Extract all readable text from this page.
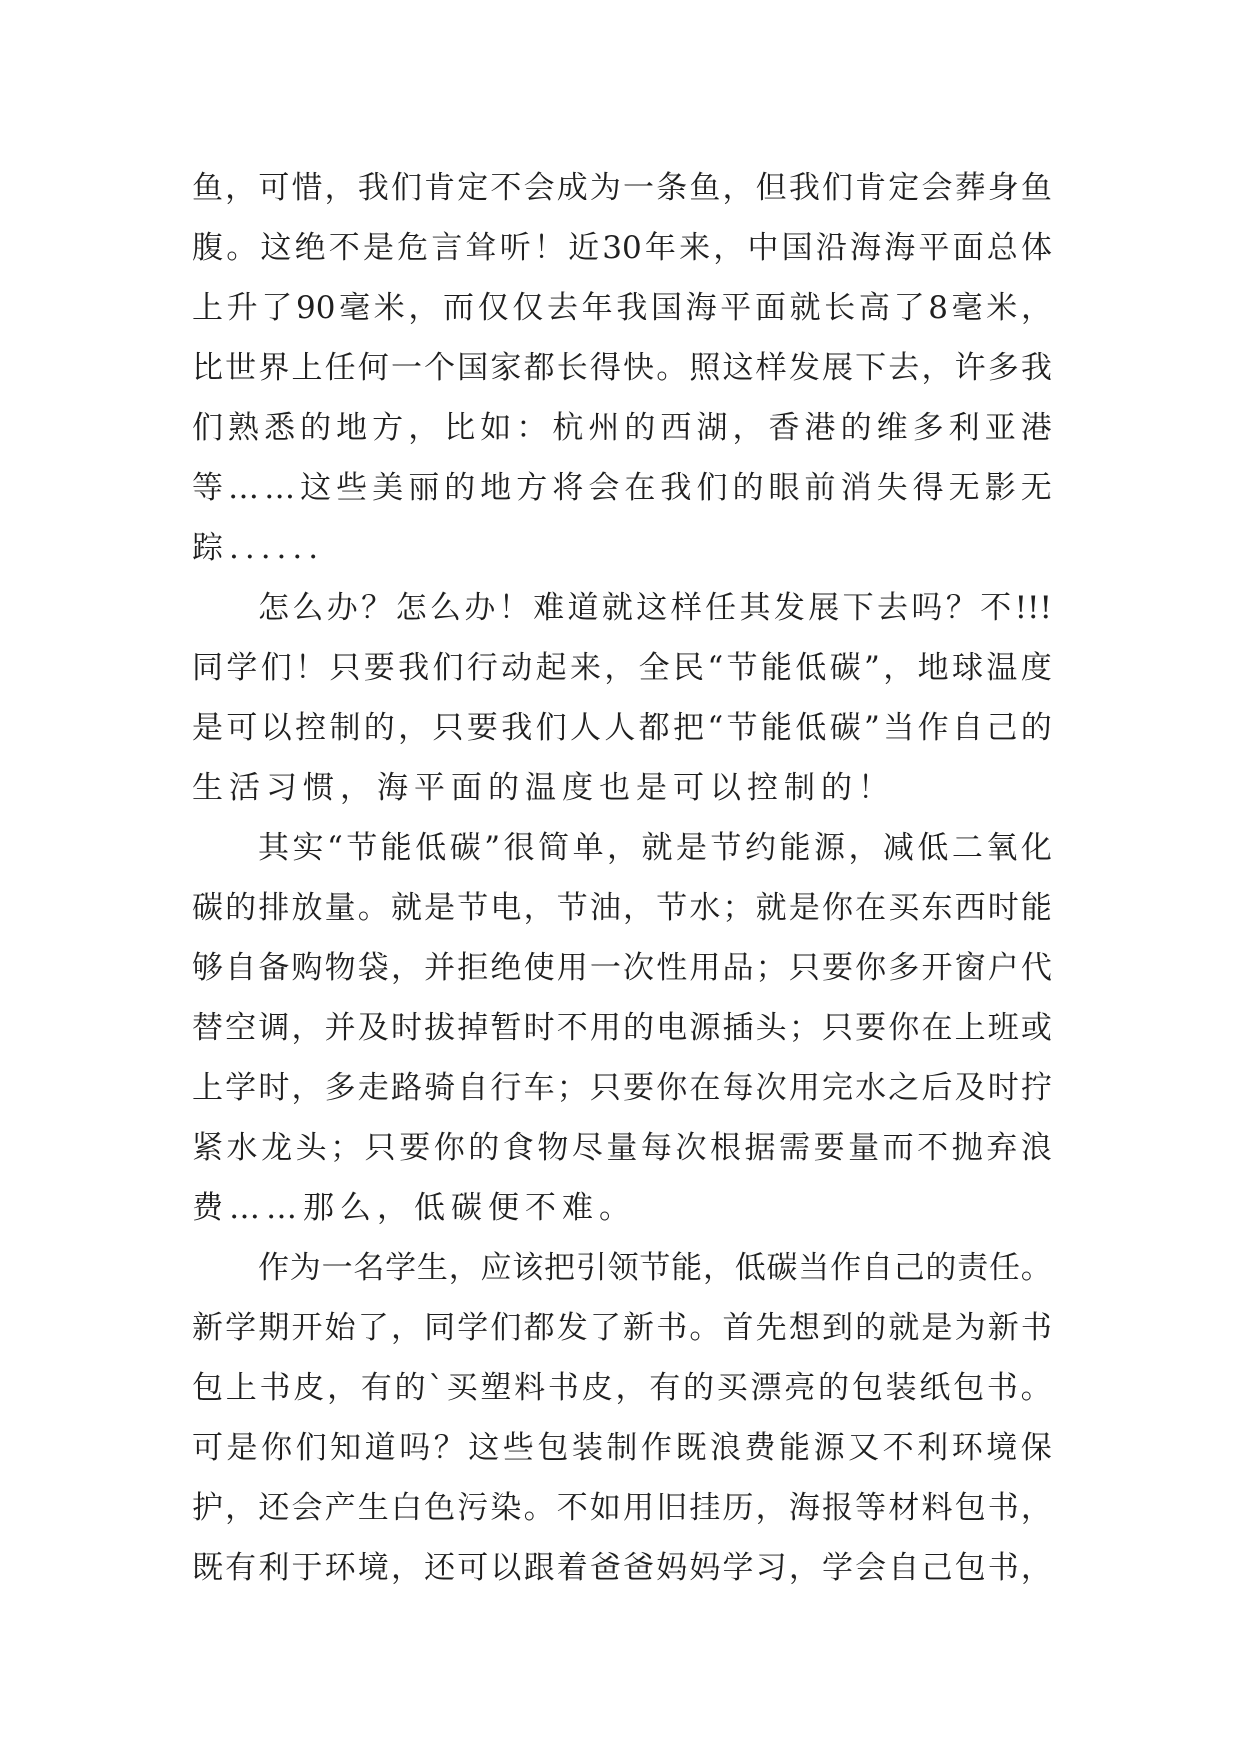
鱼 ， 可 惜 ， 我 们 肯 定 不 会 成 为 一 条 鱼 ， 但 我 们 肯 定 会 葬 身 鱼
腹 。 这 绝 不 是 危 言 耸 听 ！ 近 30 年 来 ， 中 国 沿 海 海 平 面 总 体
上 升 了 90 毫 米 ， 而 仅 仅 去 年 我 国 海 平 面 就 长 高 了 8 毫 米 ，
比 世 界 上 任 何 一 个 国 家 都 长 得 快 。 照 这 样 发 展 下 去 ， 许 多 我
们 熟 悉 的 地 方 ， 比 如 ： 杭 州 的 西 湖 ， 香 港 的 维 多 利 亚 港
等 … … 这 些 美 丽 的 地 方 将 会 在 我 们 的 眼 前 消 失 得 无 影 无
踪......
怎 么 办 ？ 怎 么 办 ！ 难 道 就 这 样 任 其 发 展 下 去 吗 ？ 不 !!!
同 学 们 ！ 只 要 我 们 行 动 起 来 ， 全 民 “ 节 能 低 碳 ” ， 地 球 温 度
是 可 以 控 制 的 ， 只 要 我 们 人 人 都 把 “ 节 能 低 碳 ” 当 作 自 己 的
生活习惯，海平面的温度也是可以控制的！
其 实 “ 节 能 低 碳 ” 很 简 单 ， 就 是 节 约 能 源 ， 减 低 二 氧 化
碳 的 排 放 量 。 就 是 节 电 ， 节 油 ， 节 水 ； 就 是 你 在 买 东 西 时 能
够 自 备 购 物 袋 ， 并 拒 绝 使 用 一 次 性 用 品 ； 只 要 你 多 开 窗 户 代
替 空 调 ， 并 及 时 拔 掉 暂 时 不 用 的 电 源 插 头 ； 只 要 你 在 上 班 或
上 学 时 ， 多 走 路 骑 自 行 车 ； 只 要 你 在 每 次 用 完 水 之 后 及 时 拧
紧 水 龙 头 ； 只 要 你 的 食 物 尽 量 每 次 根 据 需 要 量 而 不 抛 弃 浪
费……那么，低碳便不难。
作 为 一 名 学 生 ， 应 该 把 引 领 节 能 ， 低 碳 当 作 自 己 的 责 任 。
新 学 期 开 始 了 ， 同 学 们 都 发 了 新 书 。 首 先 想 到 的 就 是 为 新 书
包 上 书 皮 ， 有 的 ` 买 塑 料 书 皮 ， 有 的 买 漂 亮 的 包 装 纸 包 书 。
可 是 你 们 知 道 吗 ？ 这 些 包 装 制 作 既 浪 费 能 源 又 不 利 环 境 保
护 ， 还 会 产 生 白 色 污 染 。 不 如 用 旧 挂 历 ， 海 报 等 材 料 包 书 ，
既 有 利 于 环 境 ， 还 可 以 跟 着 爸 爸 妈 妈 学 习 ， 学 会 自 己 包 书 ，
